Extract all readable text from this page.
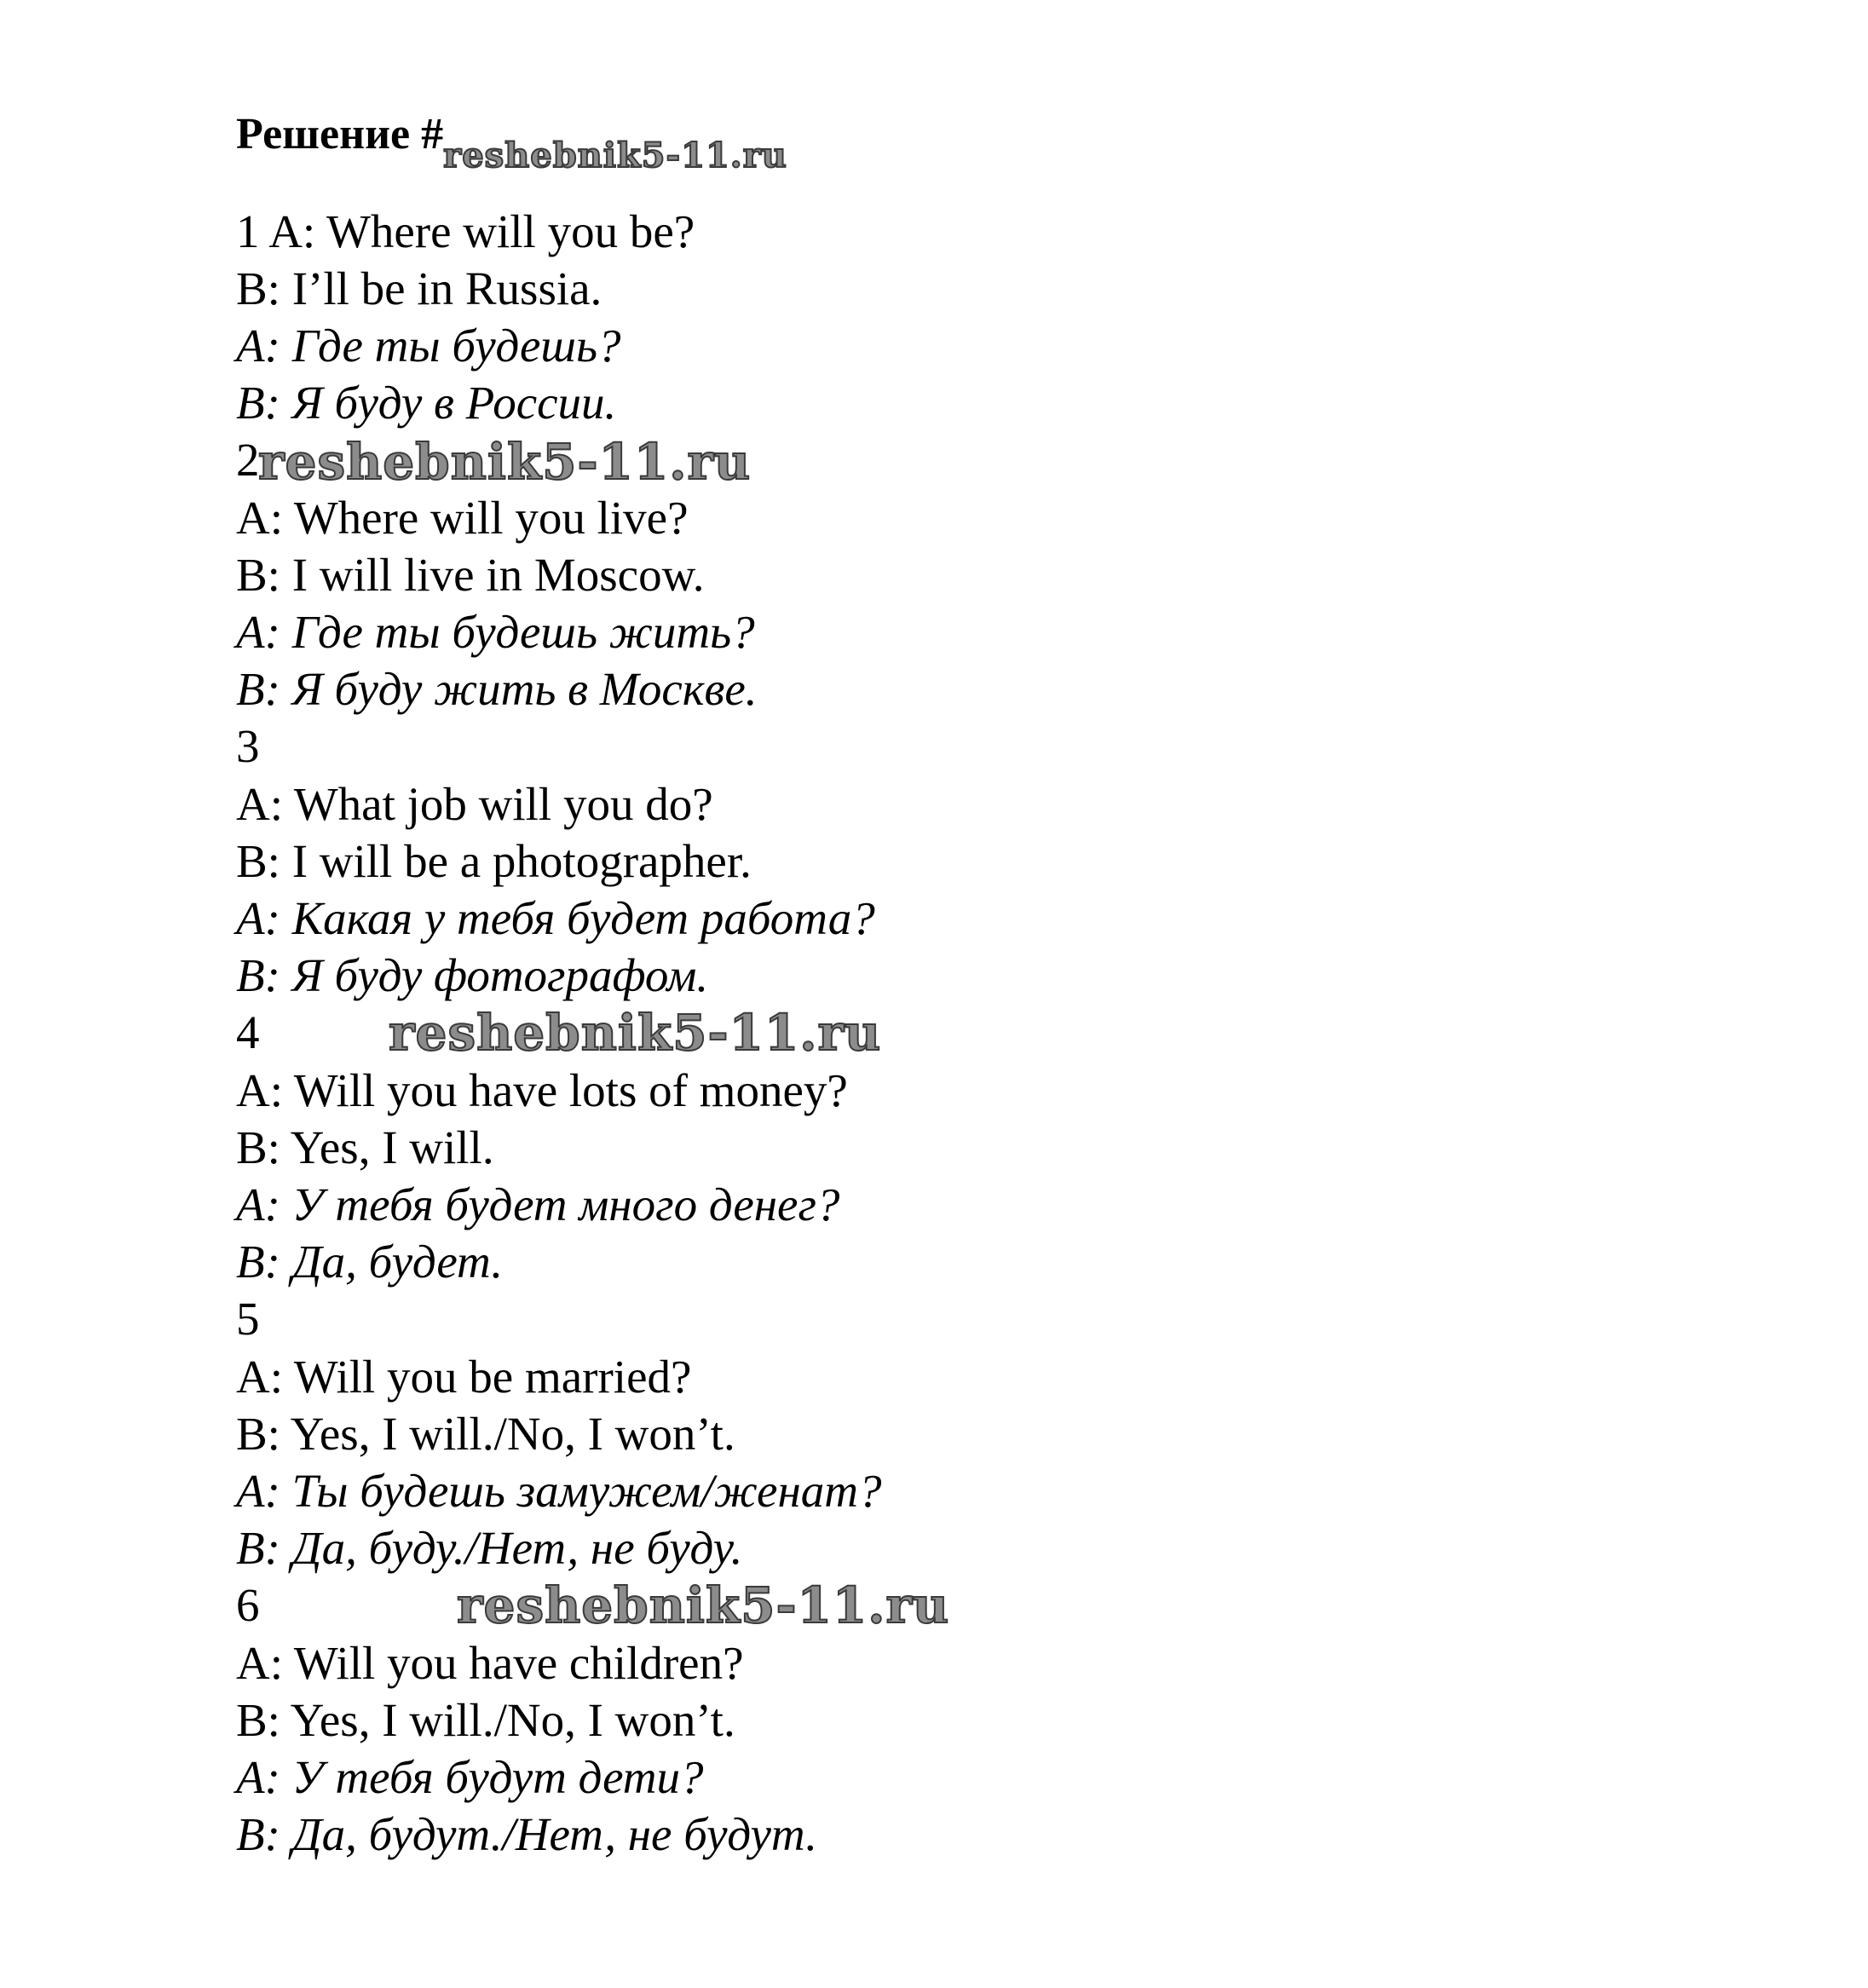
Решение $\#_{reshebnik5-11.ru}$
1 A: Where will you be?
B: I’ll be in Russia.
A: Где ты будешь?
B: Я буду в России.
2
reshebnik5-11.ru
A: Where will you live?
B: I will live in Moscow.
A: Где ты будешь жить?
B: Я буду жить в Москве.
3
A: What job will you do?
B: I will be a photographer.
A: Какая у тебя будет работа?
B: Я буду фотографом.
4	reshebnik5-11.ru
A: Will you have lots of money?
B: Yes, I will.
A: У тебя будет много денег?
B: Да, будет.
5
A: Will you be married?
B: Yes, I will./No, I won’t.
A: Ты будешь замужем/женат?
B: Да, буду./Нет, не буду.
6	reshebnik5-11.ru
A: Will you have children?
B: Yes, I will./No, I won’t.
A: У тебя будут дети?
B: Да, будут./Нет, не будут.
